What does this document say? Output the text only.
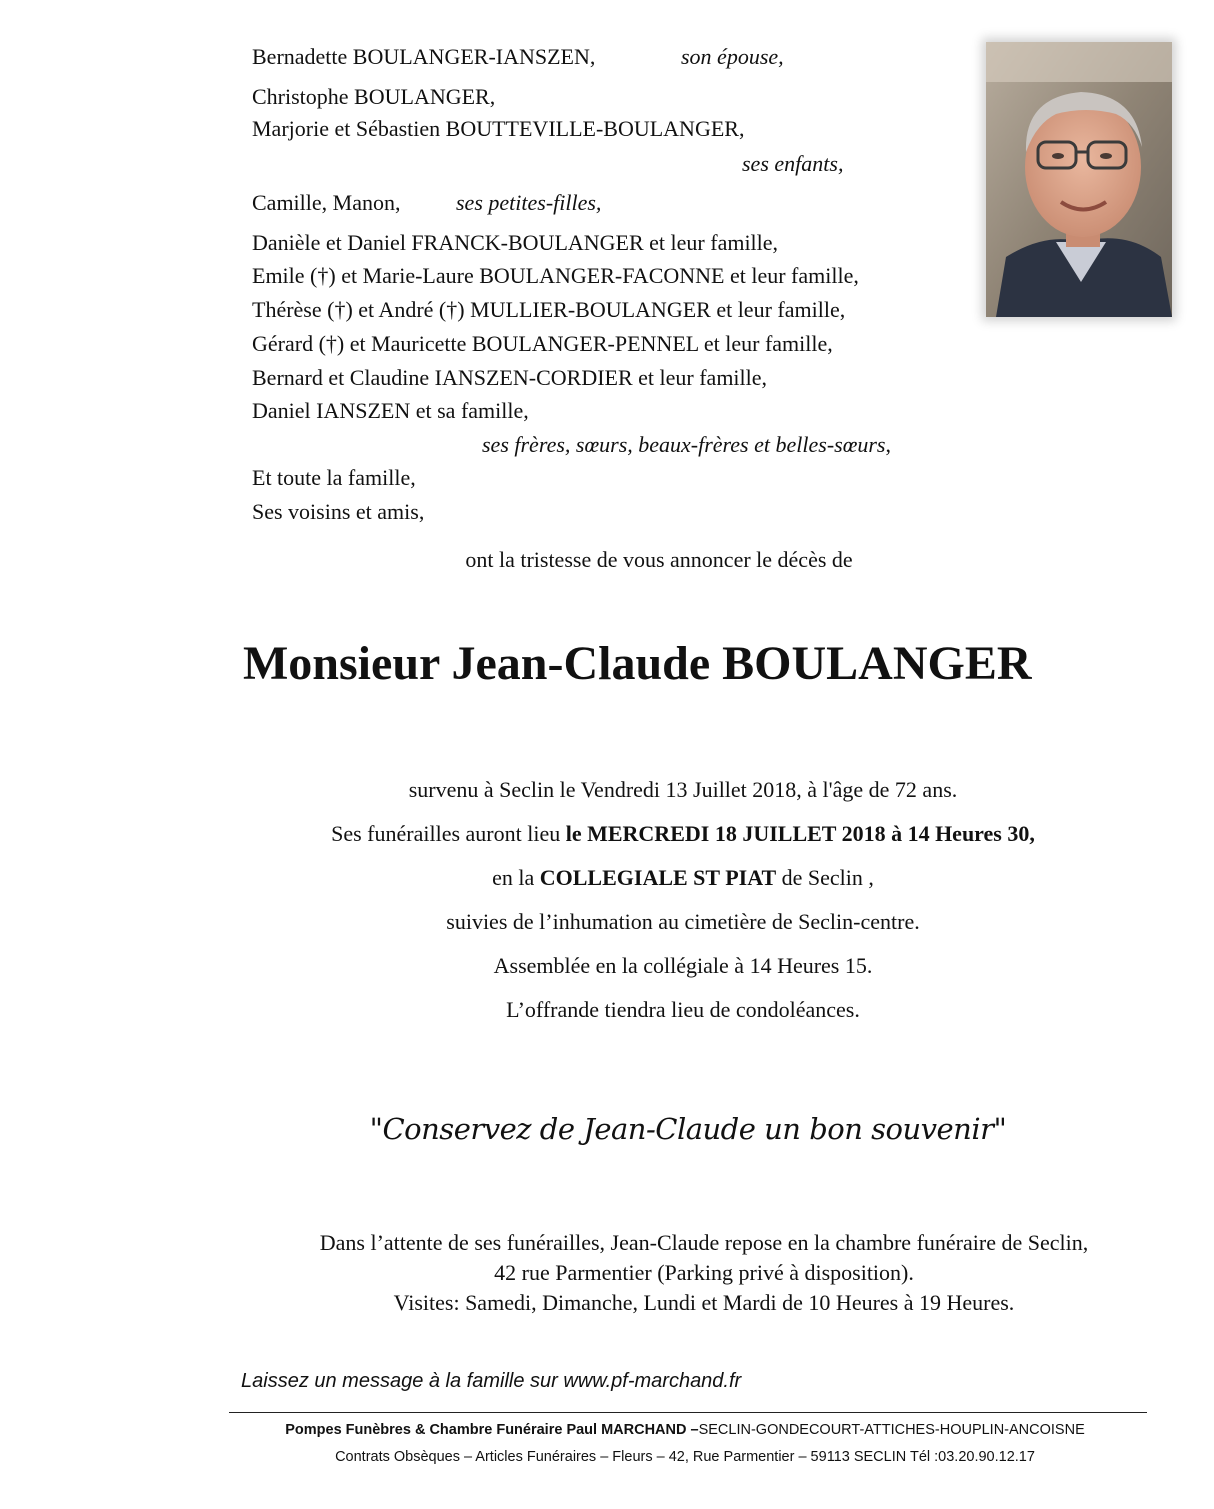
Bernadette BOULANGER-IANSZEN,	son épouse,
Christophe BOULANGER,
Marjorie et Sébastien BOUTTEVILLE-BOULANGER,
ses enfants,
Camille, Manon,	ses petites-filles,
Danièle et Daniel FRANCK-BOULANGER et leur famille,
Emile (†) et Marie-Laure BOULANGER-FACONNE et leur famille,
Thérèse (†) et André (†) MULLIER-BOULANGER et leur famille,
Gérard (†) et Mauricette BOULANGER-PENNEL et leur famille,
Bernard et Claudine IANSZEN-CORDIER et leur famille,
Daniel IANSZEN et sa famille,
ses frères, sœurs, beaux-frères et belles-sœurs,
Et toute la famille,
Ses voisins et amis,
ont la tristesse de vous annoncer le décès de
Monsieur Jean-Claude BOULANGER
survenu à Seclin le Vendredi 13 Juillet 2018, à l'âge de 72 ans.
Ses funérailles auront lieu le MERCREDI 18 JUILLET 2018 à 14 Heures 30,
en la COLLEGIALE ST PIAT de Seclin ,
suivies de l’inhumation au cimetière de Seclin-centre.
Assemblée en la collégiale à 14 Heures 15.
L’offrande tiendra lieu de condoléances.
"Conservez de Jean-Claude un bon souvenir"
Dans l’attente de ses funérailles, Jean-Claude repose en la chambre funéraire de Seclin,
42 rue Parmentier (Parking privé à disposition).
Visites: Samedi, Dimanche, Lundi et Mardi de 10 Heures à 19 Heures.
Laissez un message à la famille sur www.pf-marchand.fr
Pompes Funèbres & Chambre Funéraire Paul MARCHAND –SECLIN-GONDECOURT-ATTICHES-HOUPLIN-ANCOISNE
Contrats Obsèques – Articles Funéraires – Fleurs – 42, Rue Parmentier – 59113 SECLIN Tél :03.20.90.12.17
